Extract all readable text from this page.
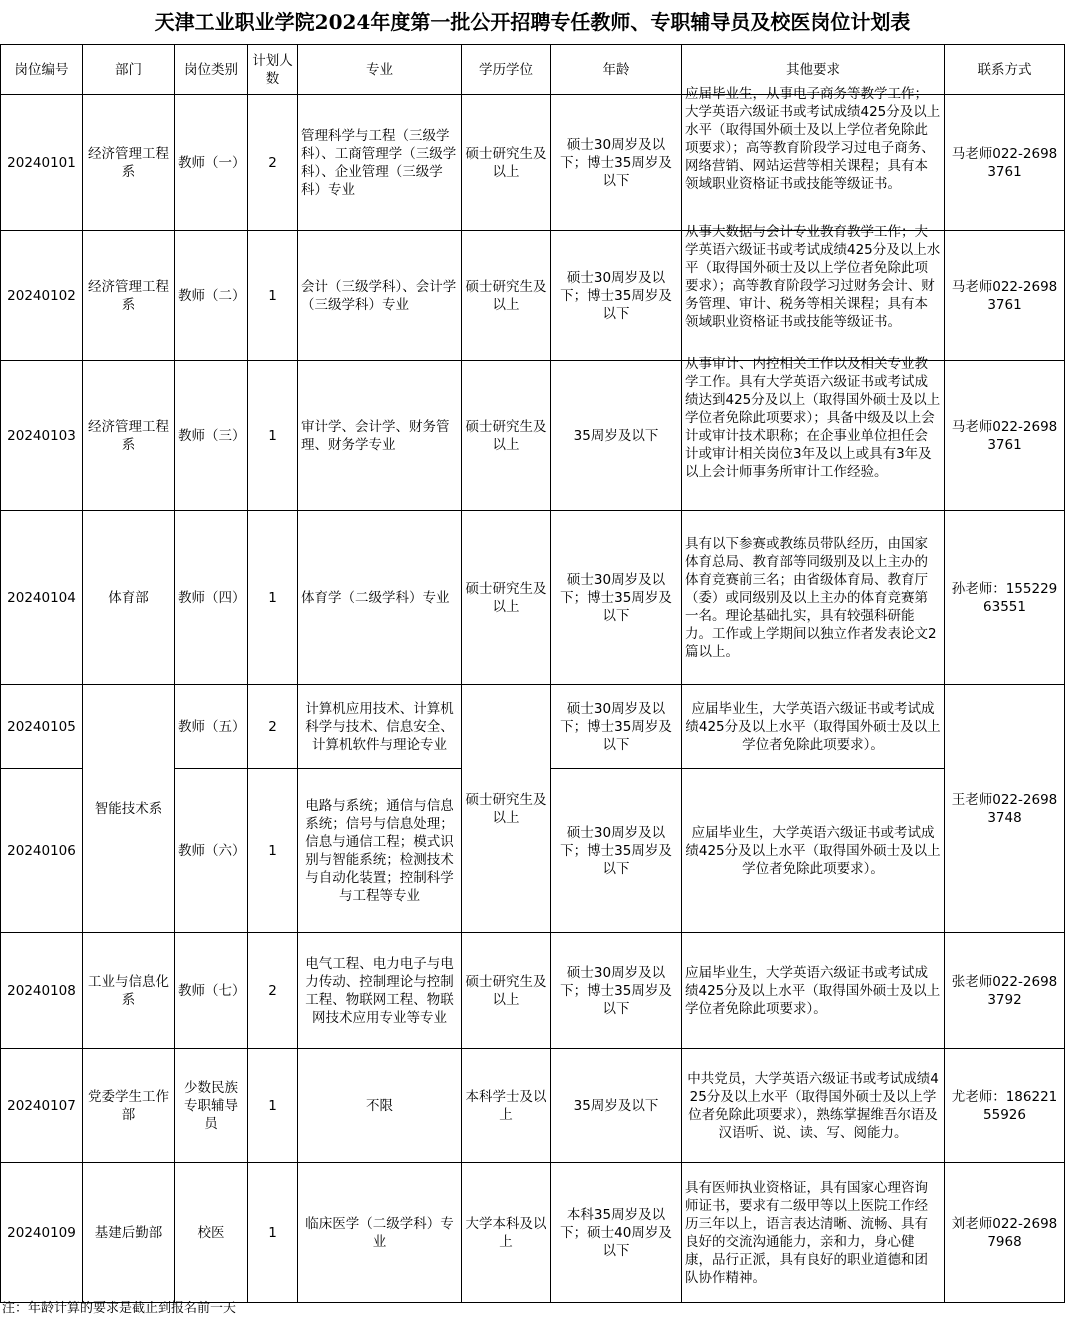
天津工业职业学院2024年度第一批公开招聘专任教师、专职辅导员及校医岗位计划表
岗位编号	部门	岗位类别	计划人数	专业	学历学位	年龄	其他要求	联系方式
20240101	经济管理工程系	教师（一）	2	管理科学与工程（三级学科）、工商管理学（三级学科）、企业管理（三级学科）专业	硕士研究生及以上	硕士30周岁及以下；博士35周岁及以下	应届毕业生，从事电子商务等教学工作；大学英语六级证书或考试成绩425分及以上水平（取得国外硕士及以上学位者免除此项要求）；高等教育阶段学习过电子商务、网络营销、网站运营等相关课程；具有本领域职业资格证书或技能等级证书。	马老师022-26983761
20240102	经济管理工程系	教师（二）	1	会计（三级学科）、会计学（三级学科）专业	硕士研究生及以上	硕士30周岁及以下；博士35周岁及以下	从事大数据与会计专业教育教学工作；大学英语六级证书或考试成绩425分及以上水平（取得国外硕士及以上学位者免除此项要求）；高等教育阶段学习过财务会计、财务管理、审计、税务等相关课程；具有本领域职业资格证书或技能等级证书。	马老师022-26983761
20240103	经济管理工程系	教师（三）	1	审计学、会计学、财务管理、财务学专业	硕士研究生及以上	35周岁及以下	从事审计、内控相关工作以及相关专业教学工作。具有大学英语六级证书或考试成绩达到425分及以上（取得国外硕士及以上学位者免除此项要求）；具备中级及以上会计或审计技术职称；在企事业单位担任会计或审计相关岗位3年及以上或具有3年及以上会计师事务所审计工作经验。	马老师022-26983761
20240104	体育部	教师（四）	1	体育学（二级学科）专业	硕士研究生及以上	硕士30周岁及以下；博士35周岁及以下	具有以下参赛或教练员带队经历，由国家体育总局、教育部等同级别及以上主办的体育竞赛前三名；由省级体育局、教育厅（委）或同级别及以上主办的体育竞赛第一名。理论基础扎实，具有较强科研能力。工作或上学期间以独立作者发表论文2篇以上。	孙老师：15522963551
20240105	智能技术系	教师（五）	2	计算机应用技术、计算机科学与技术、信息安全、计算机软件与理论专业	硕士研究生及以上	硕士30周岁及以下；博士35周岁及以下	应届毕业生，大学英语六级证书或考试成绩425分及以上水平（取得国外硕士及以上学位者免除此项要求）。	王老师022-26983748
20240106		教师（六）	1	电路与系统；通信与信息系统；信号与信息处理；信息与通信工程；模式识别与智能系统；检测技术与自动化装置；控制科学与工程等专业		硕士30周岁及以下；博士35周岁及以下	应届毕业生，大学英语六级证书或考试成绩425分及以上水平（取得国外硕士及以上学位者免除此项要求）。	
20240108	工业与信息化系	教师（七）	2	电气工程、电力电子与电力传动、控制理论与控制工程、物联网工程、物联网技术应用专业等专业	硕士研究生及以上	硕士30周岁及以下；博士35周岁及以下	应届毕业生，大学英语六级证书或考试成绩425分及以上水平（取得国外硕士及以上学位者免除此项要求）。	张老师022-26983792
20240107	党委学生工作部	少数民族专职辅导员	1	不限	本科学士及以上	35周岁及以下	中共党员，大学英语六级证书或考试成绩425分及以上水平（取得国外硕士及以上学位者免除此项要求），熟练掌握维吾尔语及汉语听、说、读、写、阅能力。	尤老师：18622155926
20240109	基建后勤部	校医	1	临床医学（二级学科）专业	大学本科及以上	本科35周岁及以下；硕士40周岁及以下	具有医师执业资格证，具有国家心理咨询师证书，要求有二级甲等以上医院工作经历三年以上，语言表达清晰、流畅、具有良好的交流沟通能力，亲和力，身心健康，品行正派，具有良好的职业道德和团队协作精神。	刘老师022-26987968
注：年龄计算的要求是截止到报名前一天
